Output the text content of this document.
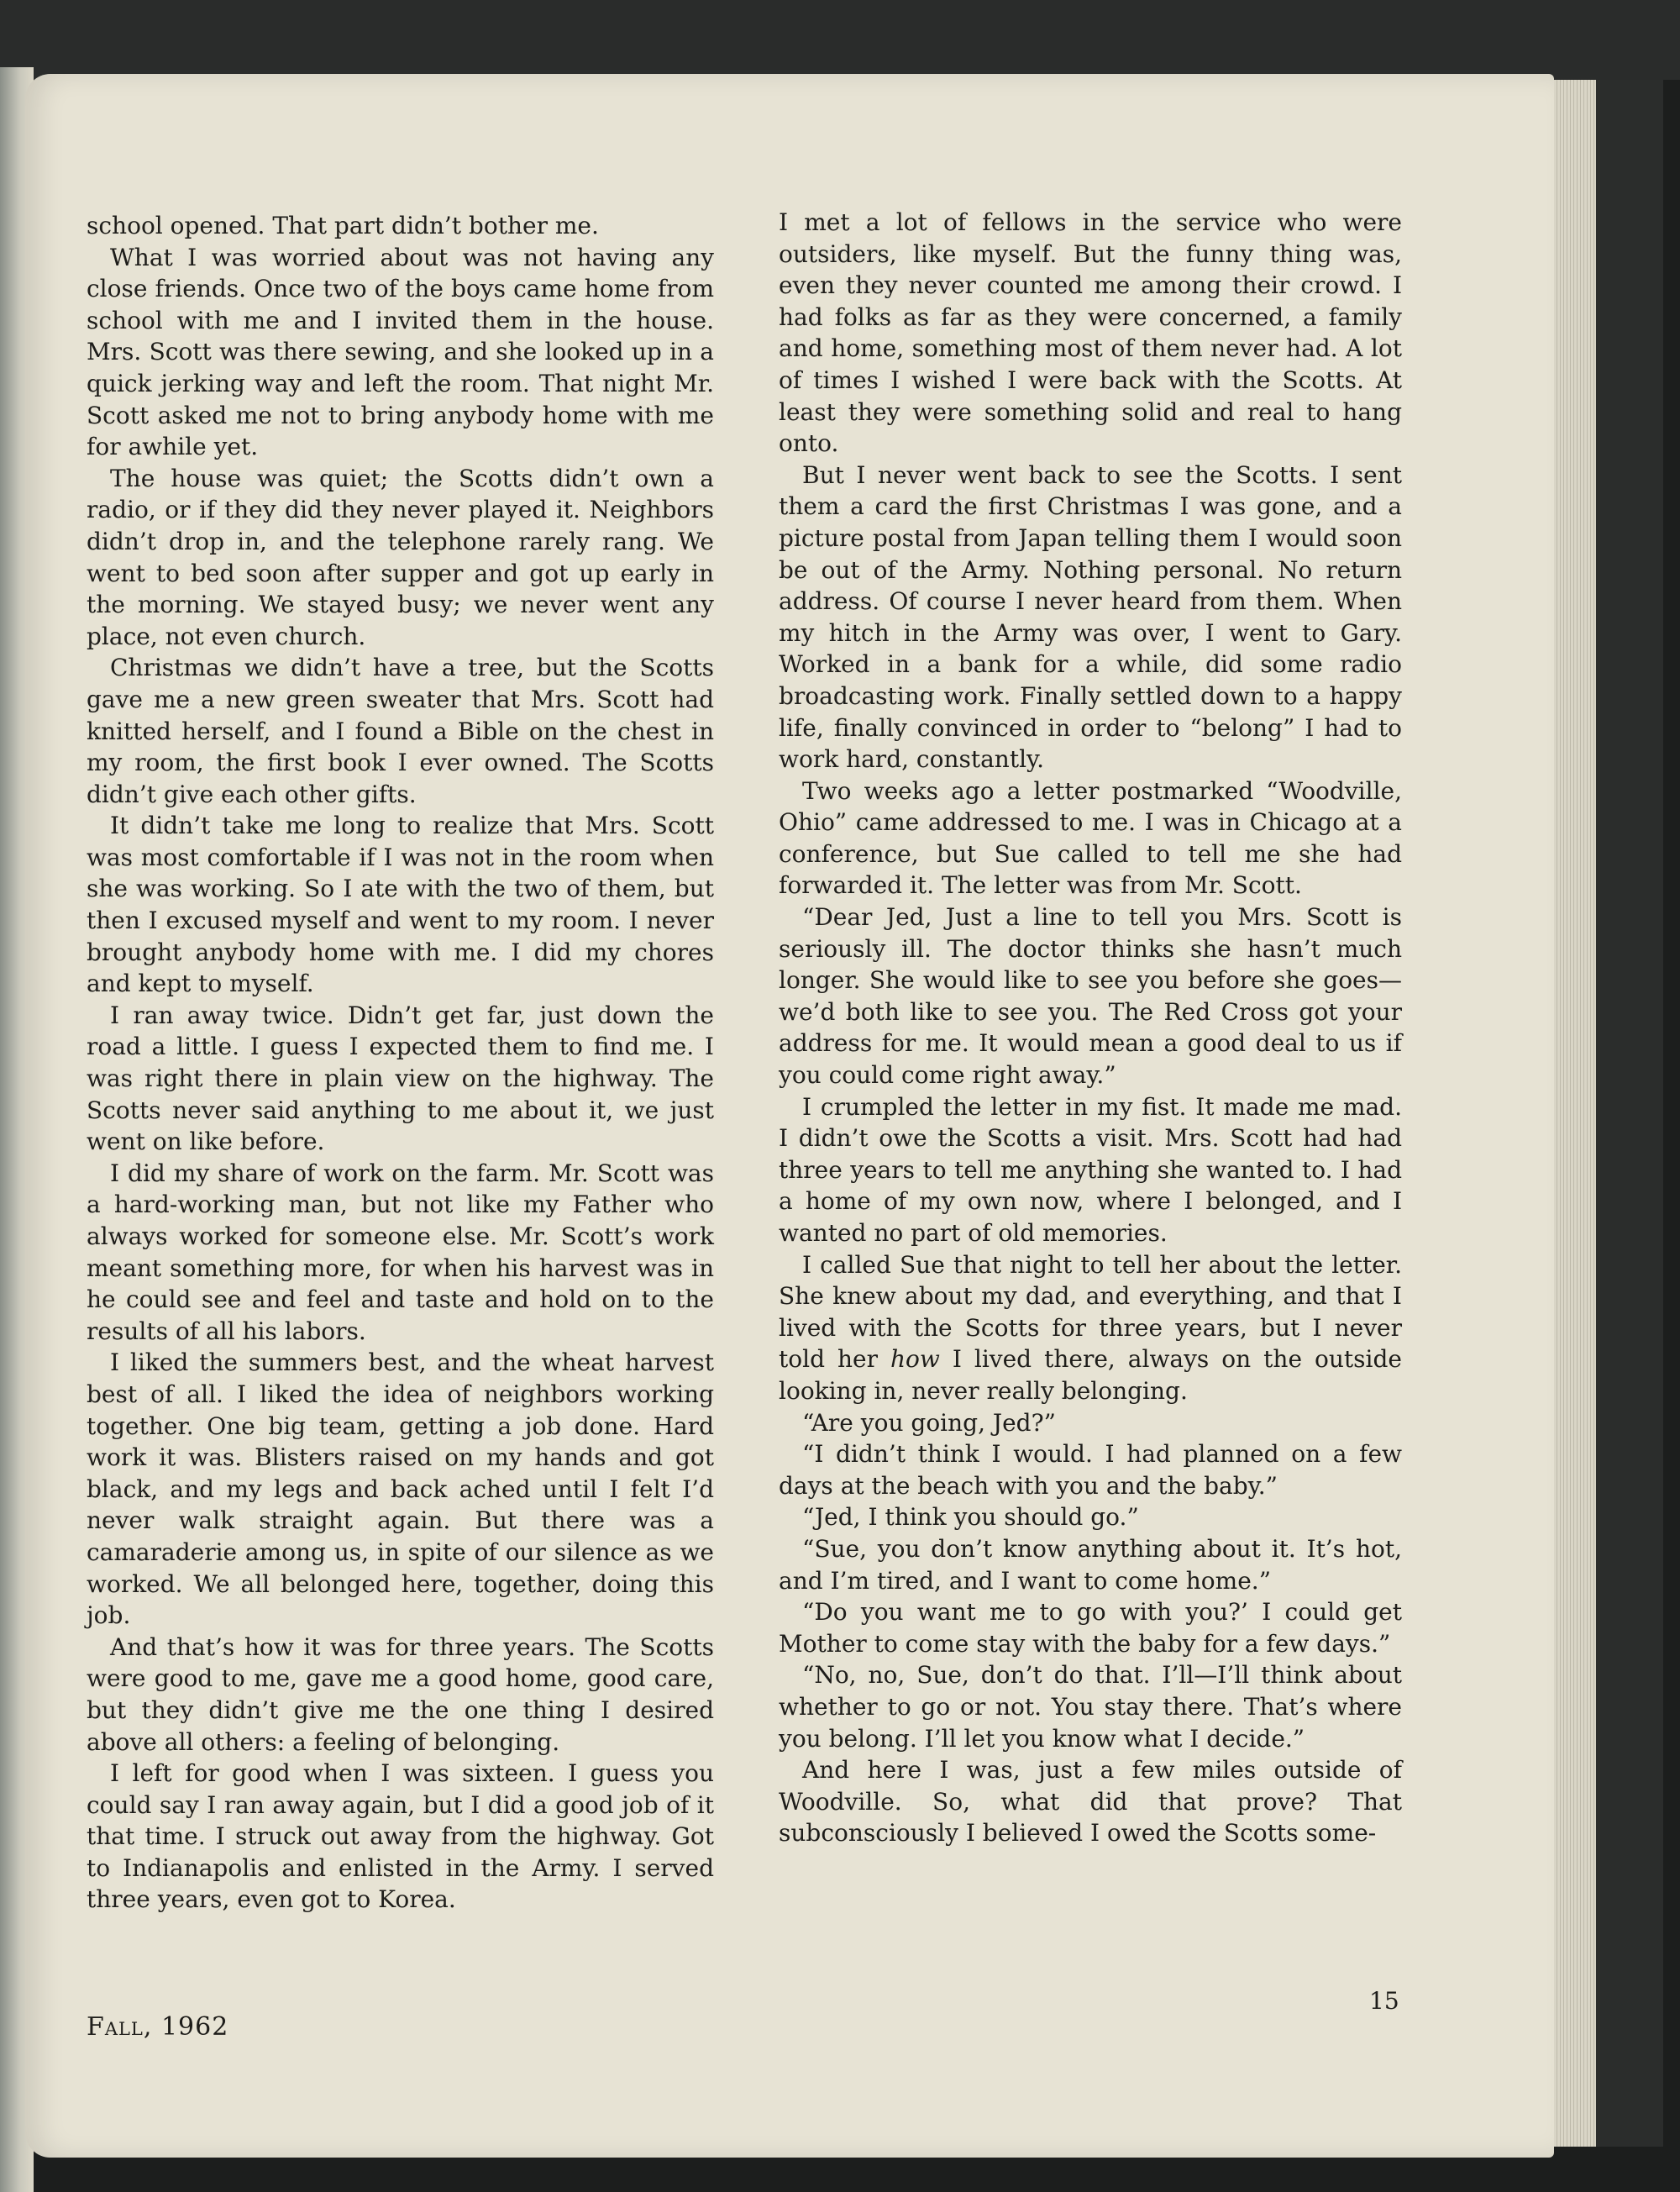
school opened. That part didn’t bother me.

What I was worried about was not having any close friends. Once two of the boys came home from school with me and I invited them in the house. Mrs. Scott was there sewing, and she looked up in a quick jerking way and left the room. That night Mr. Scott asked me not to bring anybody home with me for awhile yet.

The house was quiet; the Scotts didn’t own a radio, or if they did they never played it. Neighbors didn’t drop in, and the telephone rarely rang. We went to bed soon after supper and got up early in the morning. We stayed busy; we never went any place, not even church.

Christmas we didn’t have a tree, but the Scotts gave me a new green sweater that Mrs. Scott had knitted herself, and I found a Bible on the chest in my room, the first book I ever owned. The Scotts didn’t give each other gifts.

It didn’t take me long to realize that Mrs. Scott was most comfortable if I was not in the room when she was working. So I ate with the two of them, but then I excused myself and went to my room. I never brought anybody home with me. I did my chores and kept to myself.

I ran away twice. Didn’t get far, just down the road a little. I guess I expected them to find me. I was right there in plain view on the highway. The Scotts never said anything to me about it, we just went on like before.

I did my share of work on the farm. Mr. Scott was a hard-working man, but not like my Father who always worked for someone else. Mr. Scott’s work meant something more, for when his harvest was in he could see and feel and taste and hold on to the results of all his labors.

I liked the summers best, and the wheat harvest best of all. I liked the idea of neighbors working together. One big team, getting a job done. Hard work it was. Blisters raised on my hands and got black, and my legs and back ached until I felt I’d never walk straight again. But there was a camaraderie among us, in spite of our silence as we worked. We all belonged here, together, doing this job.

And that’s how it was for three years. The Scotts were good to me, gave me a good home, good care, but they didn’t give me the one thing I desired above all others: a feeling of belonging.

I left for good when I was sixteen. I guess you could say I ran away again, but I did a good job of it that time. I struck out away from the highway. Got to Indianapolis and enlisted in the Army. I served three years, even got to Korea.

I met a lot of fellows in the service who were outsiders, like myself. But the funny thing was, even they never counted me among their crowd. I had folks as far as they were concerned, a family and home, something most of them never had. A lot of times I wished I were back with the Scotts. At least they were something solid and real to hang onto.

But I never went back to see the Scotts. I sent them a card the first Christmas I was gone, and a picture postal from Japan telling them I would soon be out of the Army. Nothing personal. No return address. Of course I never heard from them. When my hitch in the Army was over, I went to Gary. Worked in a bank for a while, did some radio broadcasting work. Finally settled down to a happy life, finally convinced in order to “belong” I had to work hard, constantly.

Two weeks ago a letter postmarked “Woodville, Ohio” came addressed to me. I was in Chicago at a conference, but Sue called to tell me she had forwarded it. The letter was from Mr. Scott.

“Dear Jed, Just a line to tell you Mrs. Scott is seriously ill. The doctor thinks she hasn’t much longer. She would like to see you before she goes—we’d both like to see you. The Red Cross got your address for me. It would mean a good deal to us if you could come right away.”

I crumpled the letter in my fist. It made me mad. I didn’t owe the Scotts a visit. Mrs. Scott had had three years to tell me anything she wanted to. I had a home of my own now, where I belonged, and I wanted no part of old memories.

I called Sue that night to tell her about the letter. She knew about my dad, and everything, and that I lived with the Scotts for three years, but I never told her how I lived there, always on the outside looking in, never really belonging.

“Are you going, Jed?”

“I didn’t think I would. I had planned on a few days at the beach with you and the baby.”

“Jed, I think you should go.”

“Sue, you don’t know anything about it. It’s hot, and I’m tired, and I want to come home.”

“Do you want me to go with you?’ I could get Mother to come stay with the baby for a few days.”

“No, no, Sue, don’t do that. I’ll—I’ll think about whether to go or not. You stay there. That’s where you belong. I’ll let you know what I decide.”

And here I was, just a few miles outside of Woodville. So, what did that prove? That subconsciously I believed I owed the Scotts some-

Fall, 1962
15
